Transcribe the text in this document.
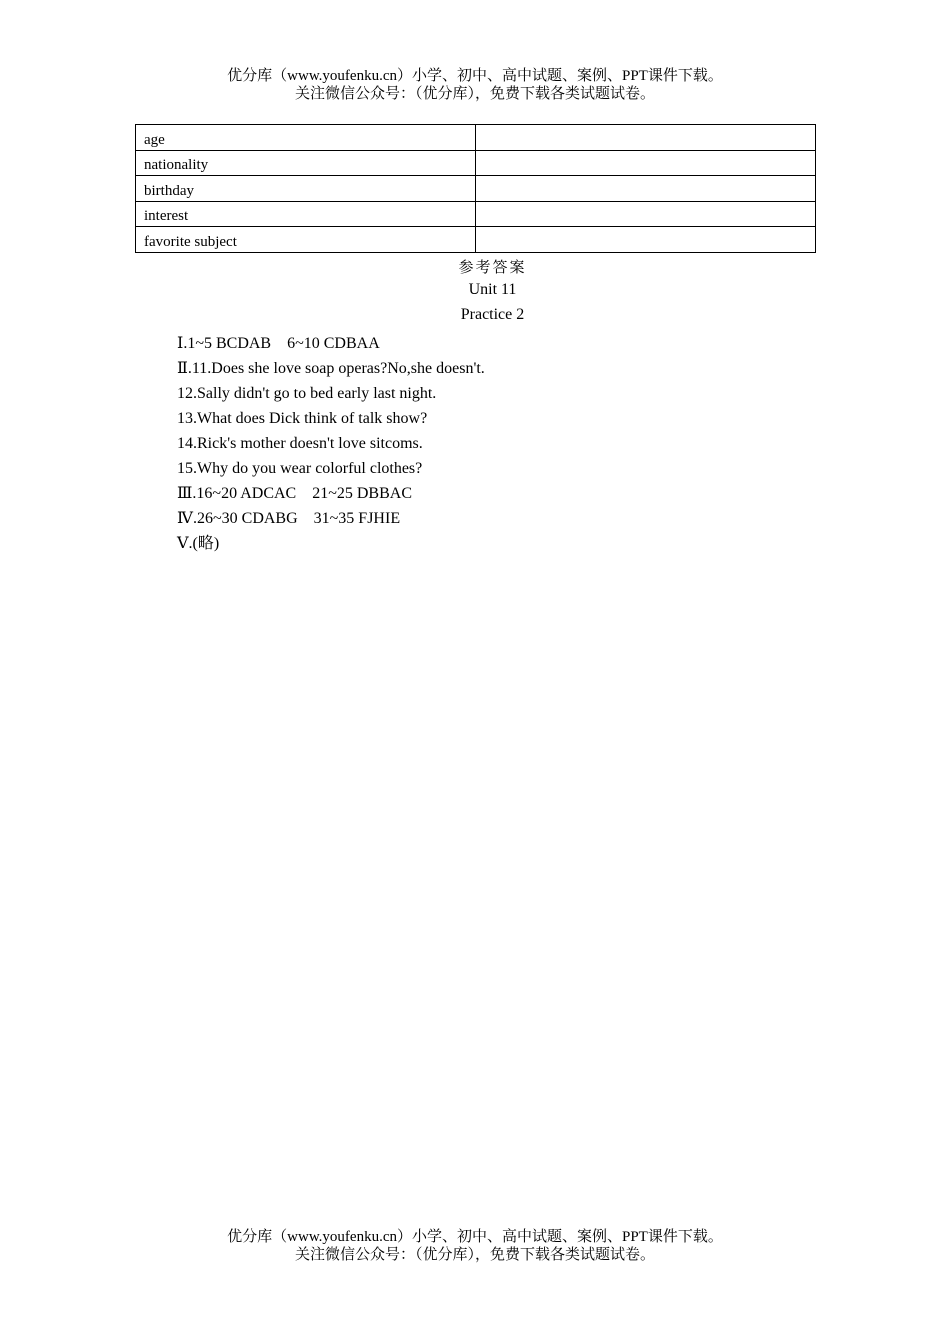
优分库（www.youfenku.cn）小学、初中、高中试题、案例、PPT课件下载。
关注微信公众号：（优分库），免费下载各类试题试卷。
age	
nationality	
birthday	
interest	
favorite subject	
参考答案
Unit 11
Practice 2
Ⅰ.1~5 BCDAB    6~10 CDBAA
Ⅱ.11.Does she love soap operas?No,she doesn't.
12.Sally didn't go to bed early last night.
13.What does Dick think of talk show?
14.Rick's mother doesn't love sitcoms.
15.Why do you wear colorful clothes?
Ⅲ.16~20 ADCAC    21~25 DBBAC
Ⅳ.26~30 CDABG    31~35 FJHIE
Ⅴ.(略)
优分库（www.youfenku.cn）小学、初中、高中试题、案例、PPT课件下载。
关注微信公众号：（优分库），免费下载各类试题试卷。
